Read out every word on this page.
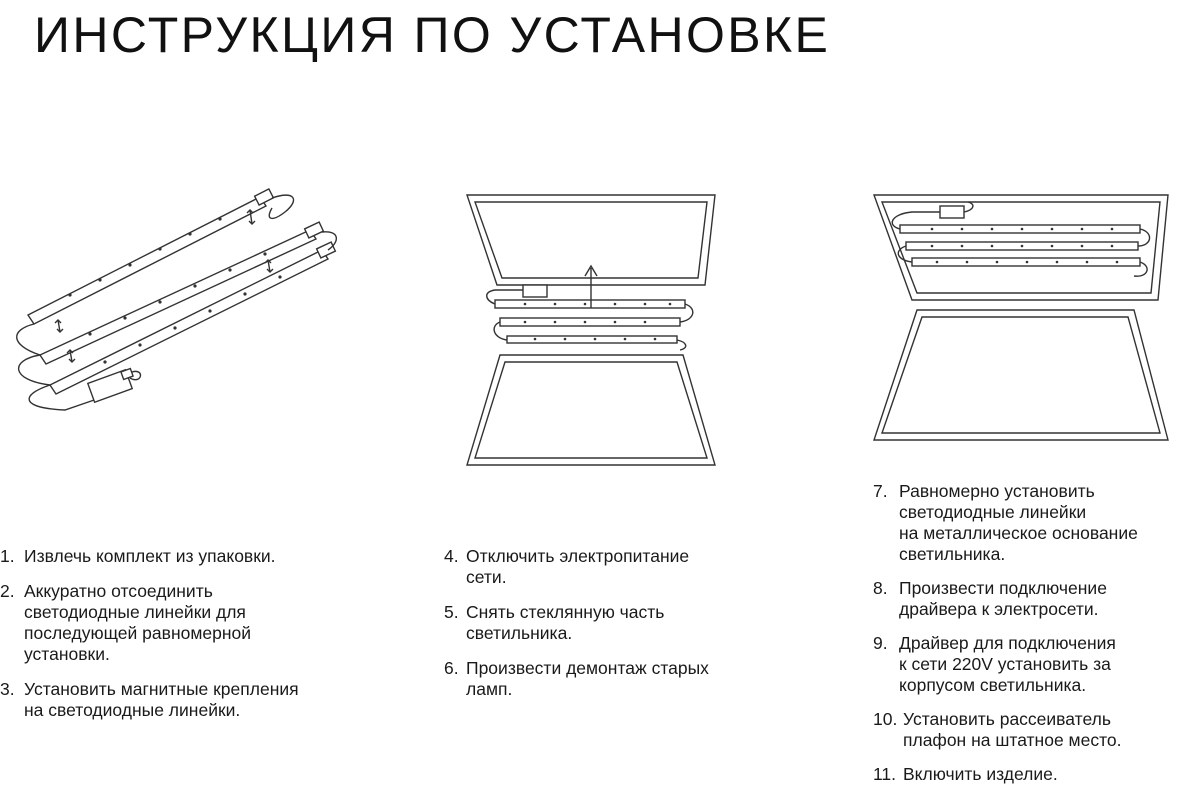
ИНСТРУКЦИЯ ПО УСТАНОВКЕ
1. Извлечь комплект из упаковки.
2. Аккуратно отсоединить
светодиодные линейки для
последующей равномерной
установки.
3. Установить магнитные крепления
на светодиодные линейки.
4. Отключить электропитание
сети.
5. Снять стеклянную часть
светильника.
6. Произвести демонтаж старых
ламп.
7. Равномерно установить
светодиодные линейки
на металлическое основание
светильника.
8. Произвести подключение
драйвера к электросети.
9. Драйвер для подключения
к сети 220V установить за
корпусом светильника.
10. Установить рассеиватель
плафон на штатное место.
11. Включить изделие.
